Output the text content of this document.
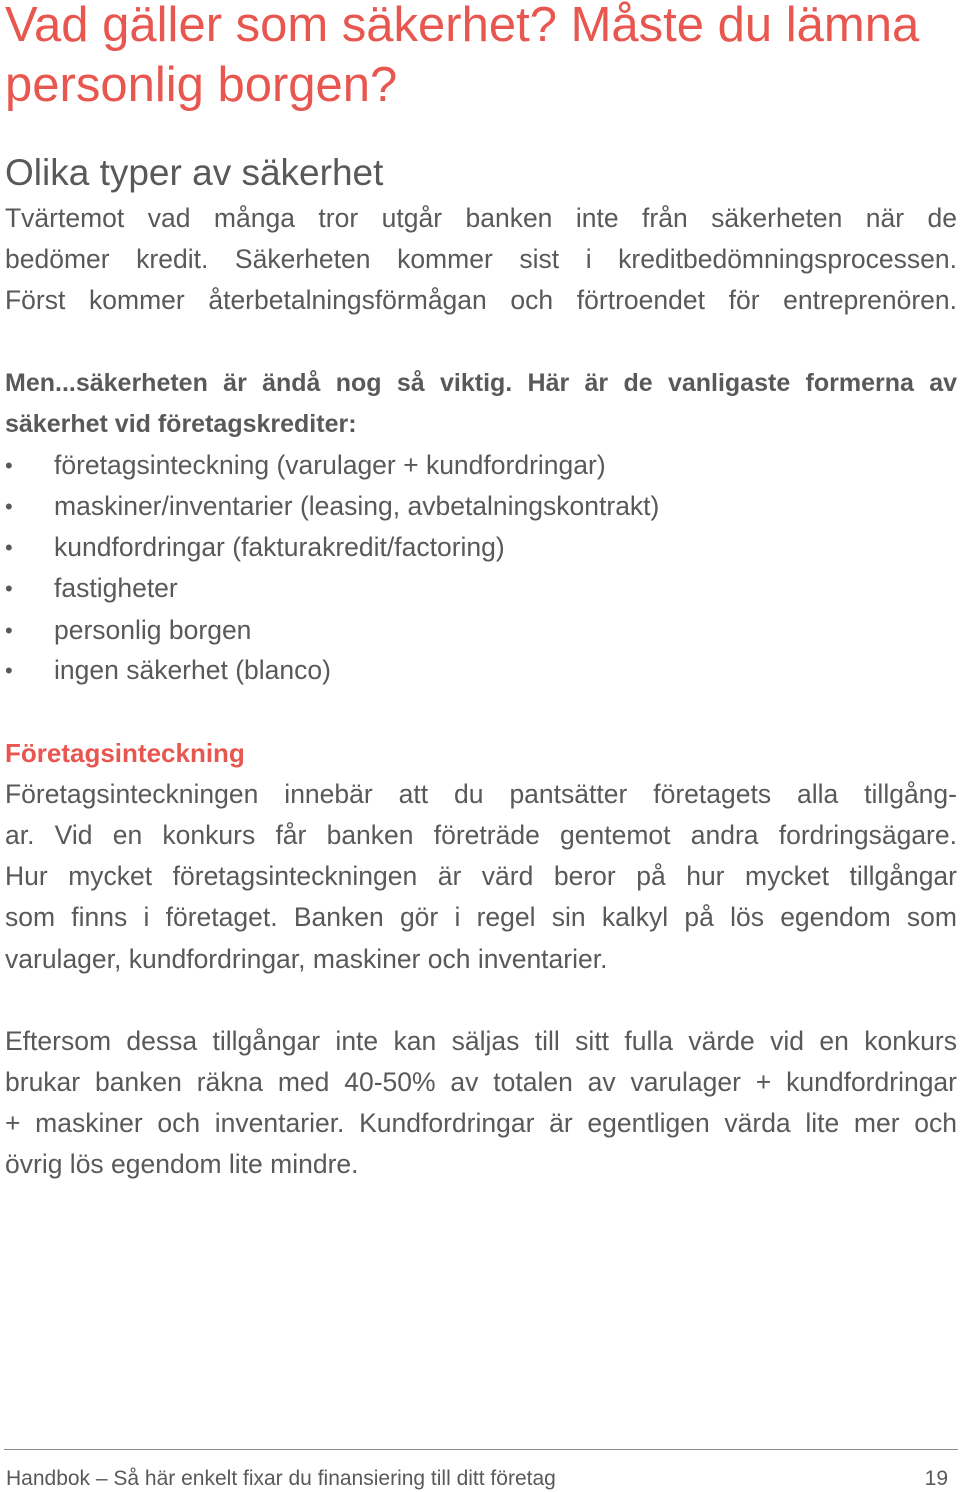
Vad gäller som säkerhet? Måste du lämna
personlig borgen?
Olika typer av säkerhet
Tvärtemot vad många tror utgår banken inte från säkerheten när de
bedömer kredit. Säkerheten kommer sist i kreditbedömningsprocessen.
Först kommer återbetalningsförmågan och förtroendet för entreprenören.
Men...säkerheten är ändå nog så viktig. Här är de vanligaste formerna av
säkerhet vid företagskrediter:
• företagsinteckning (varulager + kundfordringar)
• maskiner/inventarier (leasing, avbetalningskontrakt)
• kundfordringar (fakturakredit/factoring)
• fastigheter
• personlig borgen
• ingen säkerhet (blanco)
Företagsinteckning
Företagsinteckningen innebär att du pantsätter företagets alla tillgång-
ar. Vid en konkurs får banken företräde gentemot andra fordringsägare.
Hur mycket företagsinteckningen är värd beror på hur mycket tillgångar
som finns i företaget. Banken gör i regel sin kalkyl på lös egendom som
varulager, kundfordringar, maskiner och inventarier.
Eftersom dessa tillgångar inte kan säljas till sitt fulla värde vid en konkurs
brukar banken räkna med 40-50% av totalen av varulager + kundfordringar
+ maskiner och inventarier. Kundfordringar är egentligen värda lite mer och
övrig lös egendom lite mindre.
Handbok – Så här enkelt fixar du finansiering till ditt företag	19
